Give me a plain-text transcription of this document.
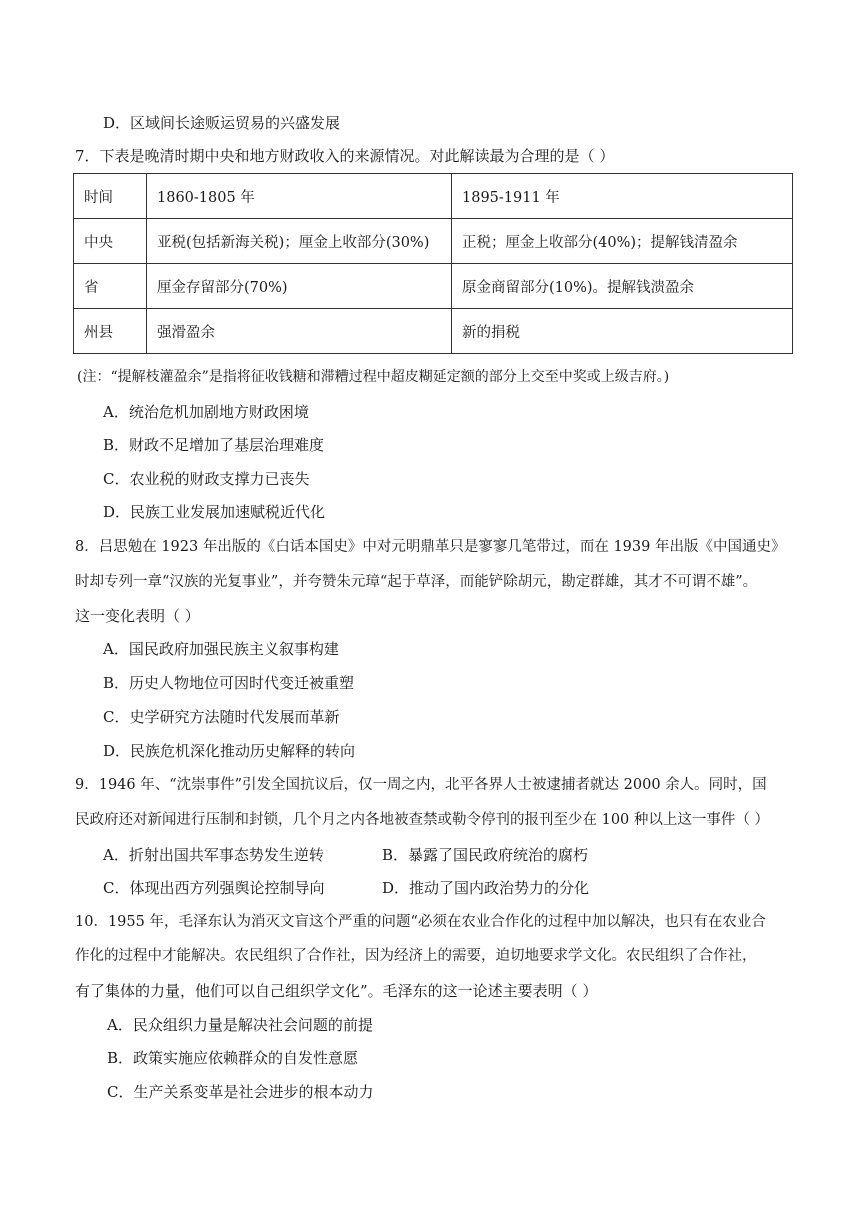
D．区域间长途贩运贸易的兴盛发展
7．下表是晚清时期中央和地方财政收入的来源情况。对此解读最为合理的是（ ）
时间	1860-1805 年	1895-1911 年
中央	亚税(包括新海关税)；厘金上收部分(30%)	正税；厘金上收部分(40%)；提解钱清盈余
省	厘金存留部分(70%)	原金商留部分(10%)。提解钱溃盈余
州县	强滑盈余	新的捐税
(注：“提解枝灌盈余”是指将征收钱糖和滞糟过程中超皮糊延定额的部分上交至中奖或上级吉府。)
A．统治危机加剧地方财政困境
B．财政不足增加了基层治理难度
C．农业税的财政支撑力已丧失
D．民族工业发展加速赋税近代化
8．吕思勉在 1923 年出版的《白话本国史》中对元明鼎革只是寥寥几笔带过，而在 1939 年出版《中国通史》
时却专列一章“汉族的光复事业”，并夸赞朱元璋“起于草泽，而能铲除胡元，勘定群雄，其才不可谓不雄”。
这一变化表明（ ）
A．国民政府加强民族主义叙事构建
B．历史人物地位可因时代变迁被重塑
C．史学研究方法随时代发展而革新
D．民族危机深化推动历史解释的转向
9．1946 年、“沈崇事件”引发全国抗议后，仅一周之内，北平各界人士被逮捕者就达 2000 余人。同时，国
民政府还对新闻进行压制和封锁，几个月之内各地被查禁或勒令停刊的报刊至少在 100 种以上这一事件（ ）
A．折射出国共军事态势发生逆转	B．暴露了国民政府统治的腐朽
C．体现出西方列强舆论控制导向	D．推动了国内政治势力的分化
10．1955 年，毛泽东认为消灭文盲这个严重的问题“必须在农业合作化的过程中加以解决，也只有在农业合
作化的过程中才能解决。农民组织了合作社，因为经济上的需要，迫切地要求学文化。农民组织了合作社，
有了集体的力量，他们可以自己组织学文化”。毛泽东的这一论述主要表明（ ）
A．民众组织力量是解决社会问题的前提
B．政策实施应依赖群众的自发性意愿
C．生产关系变革是社会进步的根本动力
